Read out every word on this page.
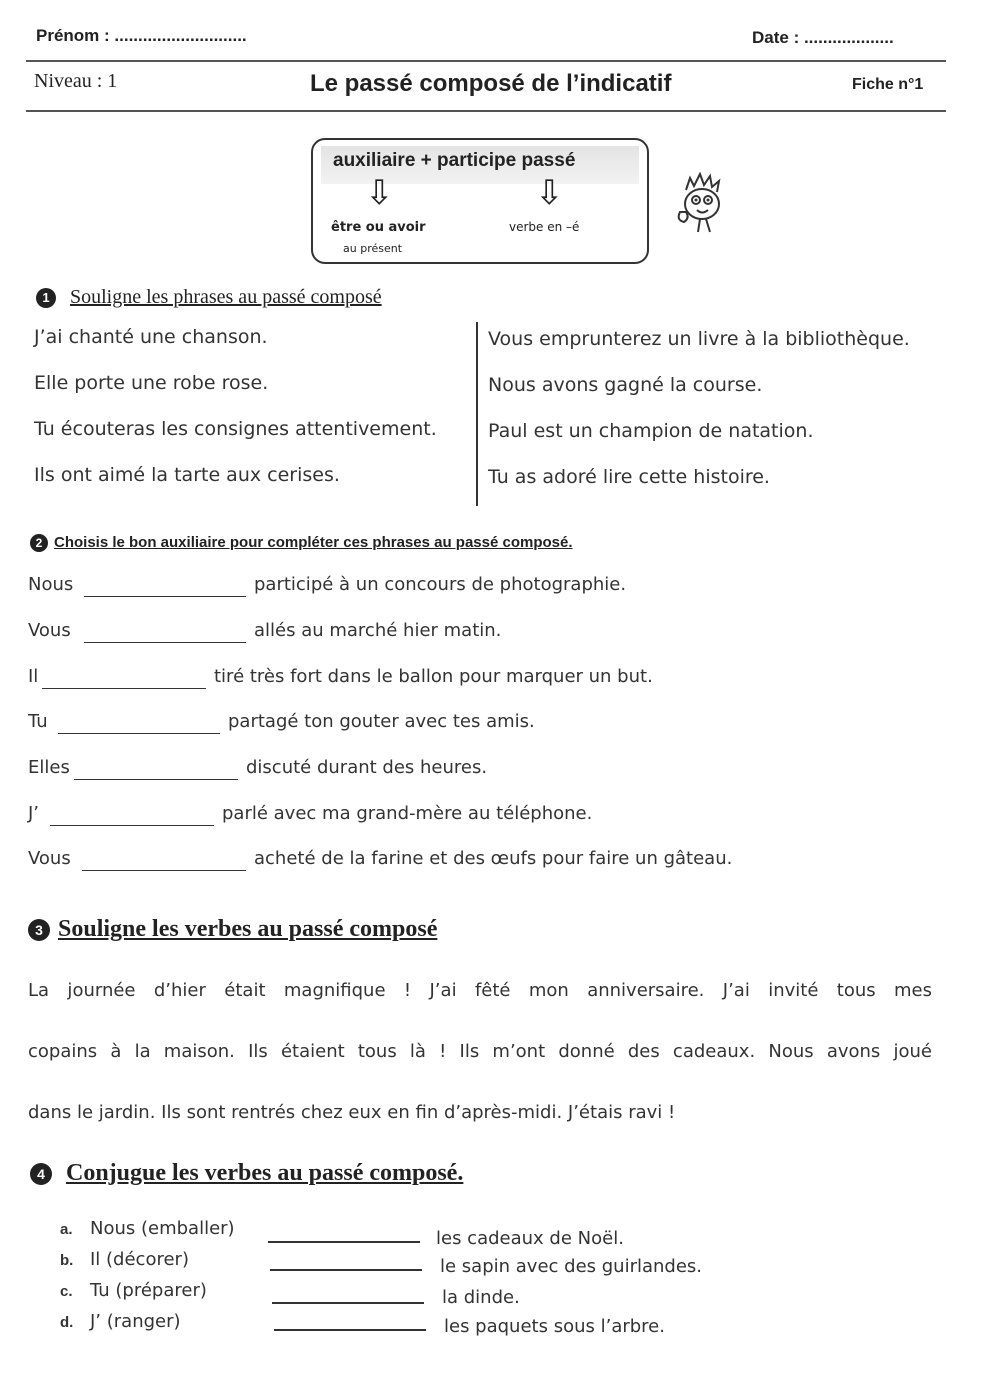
Prénom : ............................	Date : ...................
Niveau : 1	Le passé composé de l’indicatif	Fiche n°1
auxiliaire + participe passé
⇩	⇩
être ou avoir
au présent
verbe en –é
1 Souligne les phrases au passé composé
J’ai chanté une chanson.
Elle porte une robe rose.
Tu écouteras les consignes attentivement.
Ils ont aimé la tarte aux cerises.
Vous emprunterez un livre à la bibliothèque.
Nous avons gagné la course.
Paul est un champion de natation.
Tu as adoré lire cette histoire.
2 Choisis le bon auxiliaire pour compléter ces phrases au passé composé.
Nous	participé à un concours de photographie.
Vous	allés au marché hier matin.
Il	tiré très fort dans le ballon pour marquer un but.
Tu	partagé ton gouter avec tes amis.
Elles	discuté durant des heures.
J’	parlé avec ma grand-mère au téléphone.
Vous	acheté de la farine et des œufs pour faire un gâteau.
3 Souligne les verbes au passé composé
La journée d’hier était magnifique ! J’ai fêté mon anniversaire. J’ai invité tous mes
copains à la maison. Ils étaient tous là ! Ils m’ont donné des cadeaux. Nous avons joué
dans le jardin. Ils sont rentrés chez eux en fin d’après-midi. J’étais ravi !
4 Conjugue les verbes au passé composé.
a. Nous (emballer)	les cadeaux de Noël.
b. Il (décorer)	le sapin avec des guirlandes.
c. Tu (préparer)	la dinde.
d. J’ (ranger)	les paquets sous l’arbre.
